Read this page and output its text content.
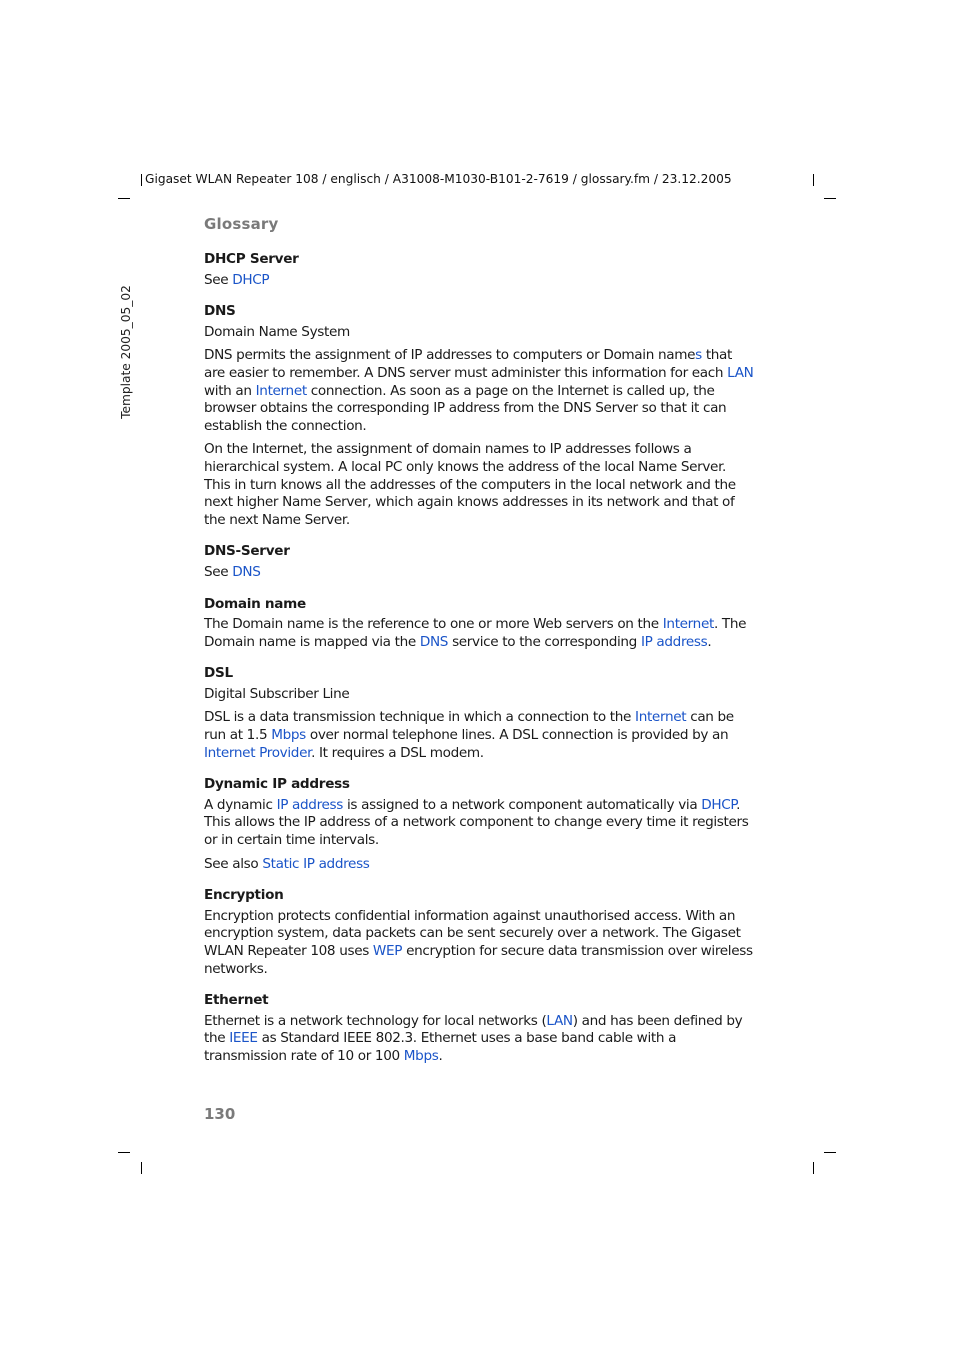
Gigaset WLAN Repeater 108 / englisch / A31008-M1030-B101-2-7619 / glossary.fm / 23.12.2005
Template 2005_05_02
Glossary
DHCP Server
See DHCP
DNS
Domain Name System
DNS permits the assignment of IP addresses to computers or Domain names that are easier to remember. A DNS server must administer this information for each LAN with an Internet connection. As soon as a page on the Internet is called up, the browser obtains the corresponding IP address from the DNS Server so that it can establish the connection.
On the Internet, the assignment of domain names to IP addresses follows a hierarchical system. A local PC only knows the address of the local Name Server. This in turn knows all the addresses of the computers in the local network and the next higher Name Server, which again knows addresses in its network and that of the next Name Server.
DNS-Server
See DNS
Domain name
The Domain name is the reference to one or more Web servers on the Internet. The Domain name is mapped via the DNS service to the corresponding IP address.
DSL
Digital Subscriber Line
DSL is a data transmission technique in which a connection to the Internet can be run at 1.5 Mbps over normal telephone lines. A DSL connection is provided by an Internet Provider. It requires a DSL modem.
Dynamic IP address
A dynamic IP address is assigned to a network component automatically via DHCP. This allows the IP address of a network component to change every time it registers or in certain time intervals.
See also Static IP address
Encryption
Encryption protects confidential information against unauthorised access. With an encryption system, data packets can be sent securely over a network. The Gigaset WLAN Repeater 108 uses WEP encryption for secure data transmission over wireless networks.
Ethernet
Ethernet is a network technology for local networks (LAN) and has been defined by the IEEE as Standard IEEE 802.3. Ethernet uses a base band cable with a transmission rate of 10 or 100 Mbps.
130
